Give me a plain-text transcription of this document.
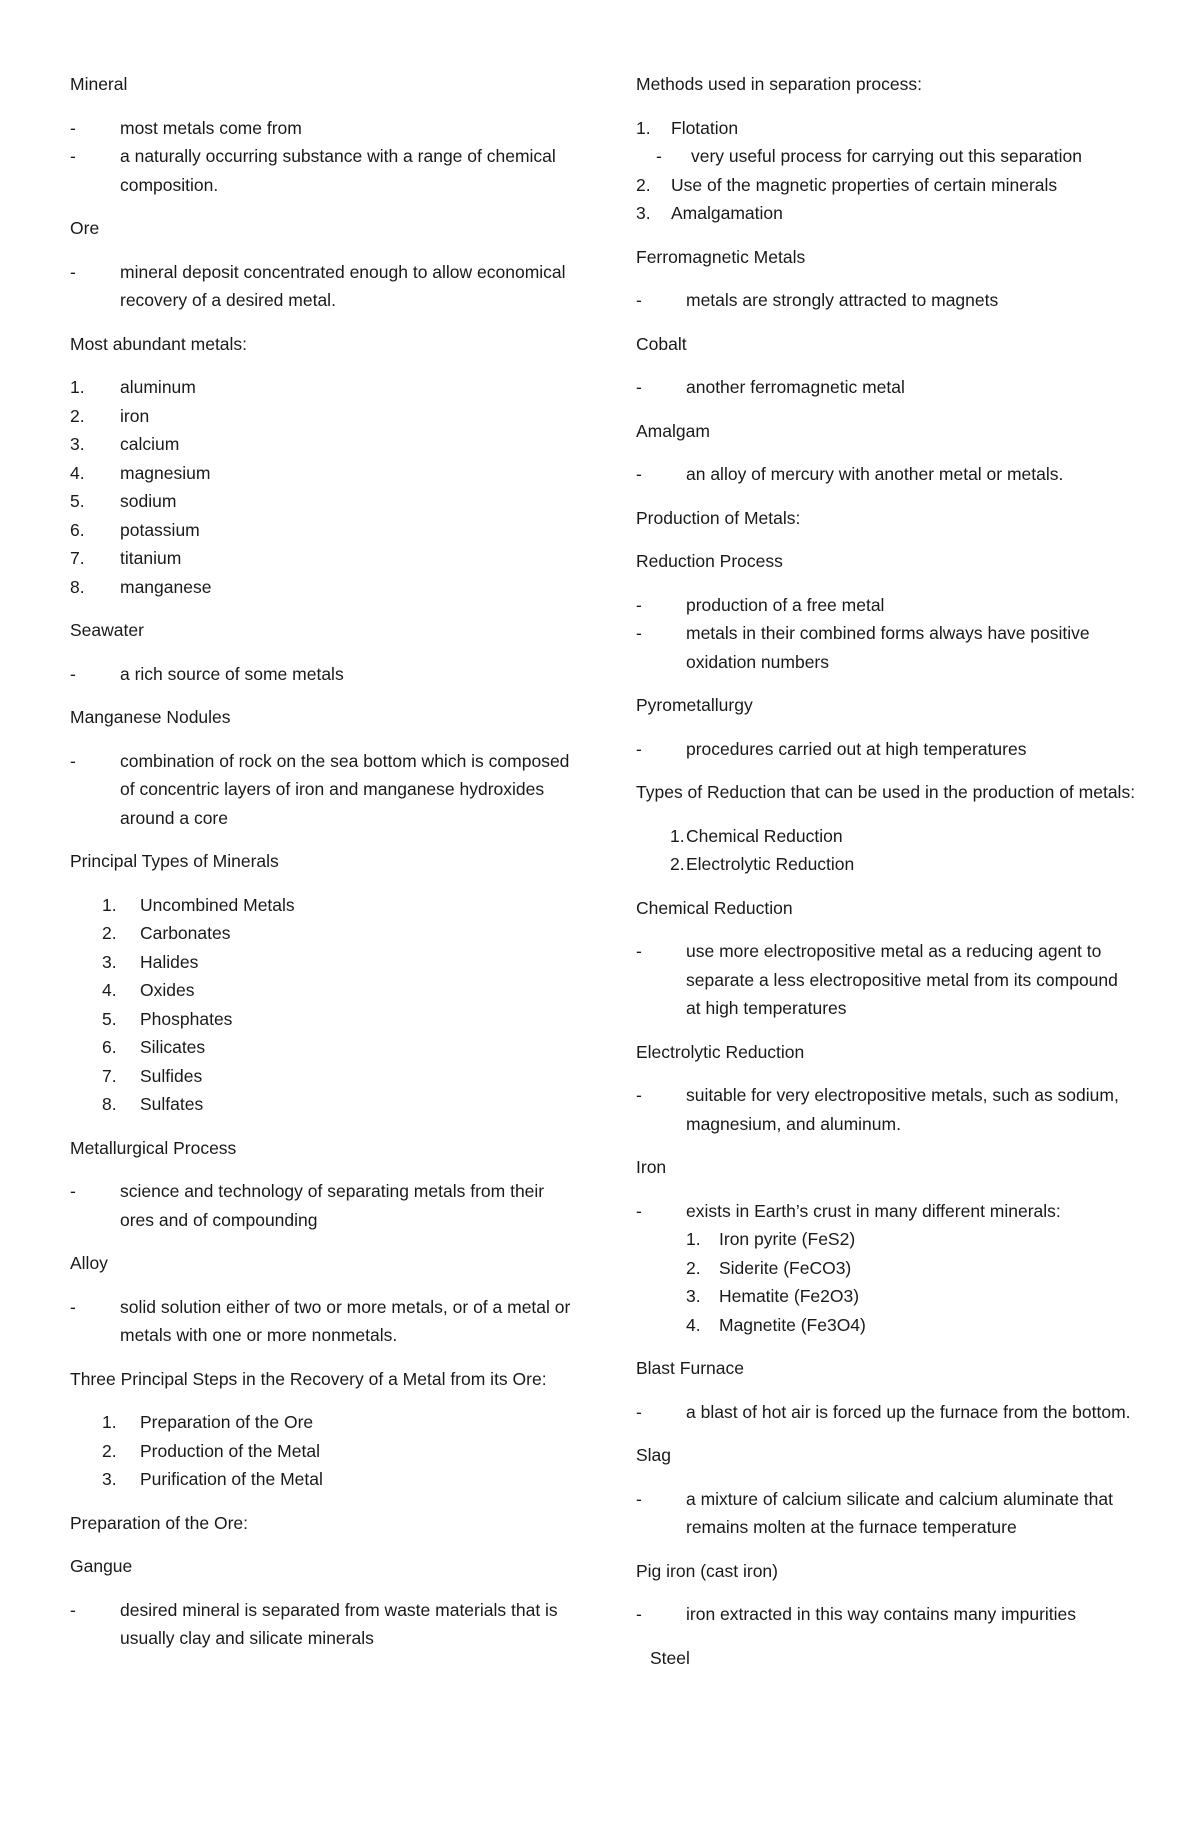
Mineral

- most metals come from
- a naturally occurring substance with a range of chemical composition.

Ore

- mineral deposit concentrated enough to allow economical recovery of a desired metal.

Most abundant metals:

1. aluminum
2. iron
3. calcium
4. magnesium
5. sodium
6. potassium
7. titanium
8. manganese

Seawater

- a rich source of some metals

Manganese Nodules

- combination of rock on the sea bottom which is composed of concentric layers of iron and manganese hydroxides around a core

Principal Types of Minerals

1. Uncombined Metals
2. Carbonates
3. Halides
4. Oxides
5. Phosphates
6. Silicates
7. Sulfides
8. Sulfates

Metallurgical Process

- science and technology of separating metals from their ores and of compounding

Alloy

- solid solution either of two or more metals, or of a metal or metals with one or more nonmetals.

Three Principal Steps in the Recovery of a Metal from its Ore:

1. Preparation of the Ore
2. Production of the Metal
3. Purification of the Metal

Preparation of the Ore:

Gangue

- desired mineral is separated from waste materials that is usually clay and silicate minerals

Methods used in separation process:

1. Flotation
- very useful process for carrying out this separation
2. Use of the magnetic properties of certain minerals
3. Amalgamation

Ferromagnetic Metals

- metals are strongly attracted to magnets

Cobalt

- another ferromagnetic metal

Amalgam

- an alloy of mercury with another metal or metals.

Production of Metals:

Reduction Process

- production of a free metal
- metals in their combined forms always have positive oxidation numbers

Pyrometallurgy

- procedures carried out at high temperatures

Types of Reduction that can be used in the production of metals:

1. Chemical Reduction
2. Electrolytic Reduction

Chemical Reduction

- use more electropositive metal as a reducing agent to separate a less electropositive metal from its compound at high temperatures

Electrolytic Reduction

- suitable for very electropositive metals, such as sodium, magnesium, and aluminum.

Iron

- exists in Earth’s crust in many different minerals:
1. Iron pyrite (FeS2)
2. Siderite (FeCO3)
3. Hematite (Fe2O3)
4. Magnetite (Fe3O4)

Blast Furnace

- a blast of hot air is forced up the furnace from the bottom.

Slag

- a mixture of calcium silicate and calcium aluminate that remains molten at the furnace temperature

Pig iron (cast iron)

- iron extracted in this way contains many impurities

Steel
